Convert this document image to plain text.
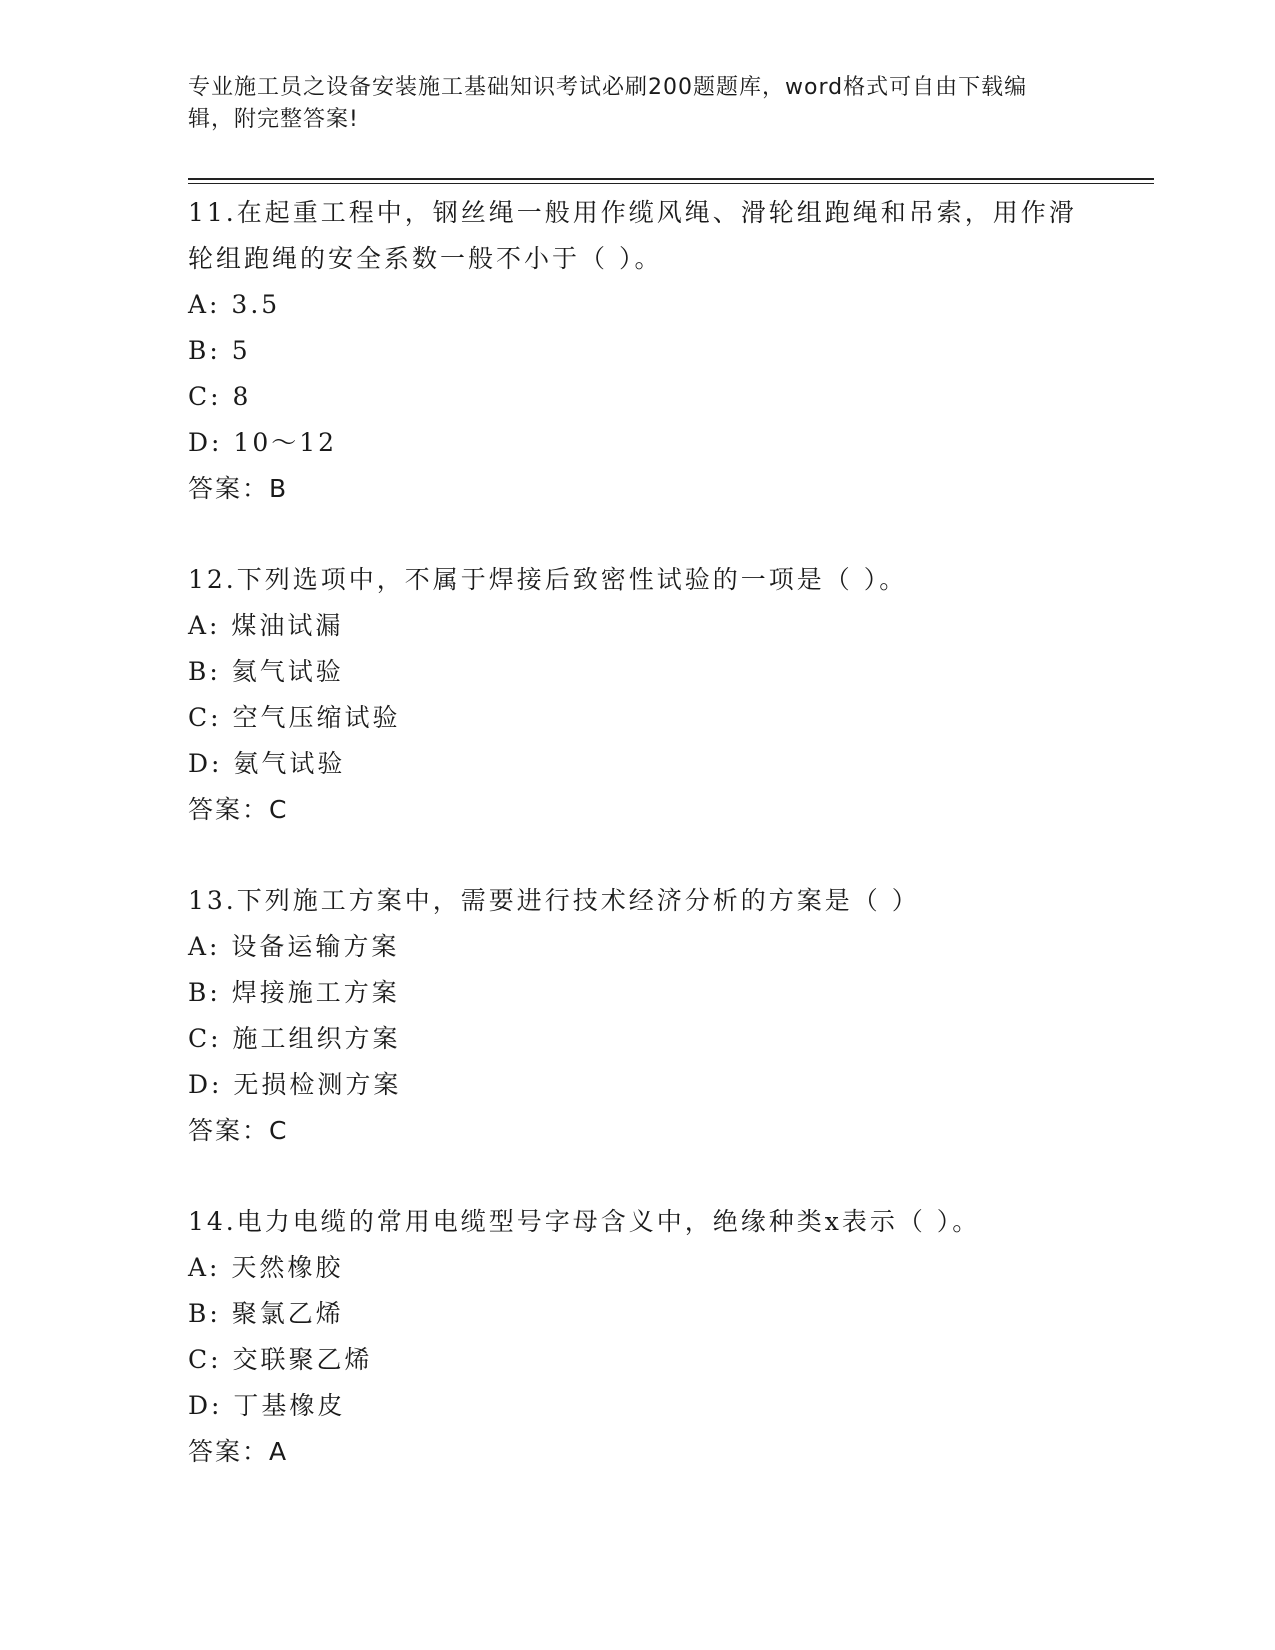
专业施工员之设备安装施工基础知识考试必刷200题题库，word格式可自由下载编辑，附完整答案!

11.在起重工程中，钢丝绳一般用作缆风绳、滑轮组跑绳和吊索，用作滑轮组跑绳的安全系数一般不小于（ ）。

A: 3.5
B: 5
C: 8
D: 10～12
答案：B

12.下列选项中，不属于焊接后致密性试验的一项是（ ）。

A: 煤油试漏
B: 氦气试验
C: 空气压缩试验
D: 氨气试验
答案：C

13.下列施工方案中，需要进行技术经济分析的方案是（ ）

A: 设备运输方案
B: 焊接施工方案
C: 施工组织方案
D: 无损检测方案
答案：C

14.电力电缆的常用电缆型号字母含义中，绝缘种类x表示（ ）。

A: 天然橡胶
B: 聚氯乙烯
C: 交联聚乙烯
D: 丁基橡皮
答案：A
